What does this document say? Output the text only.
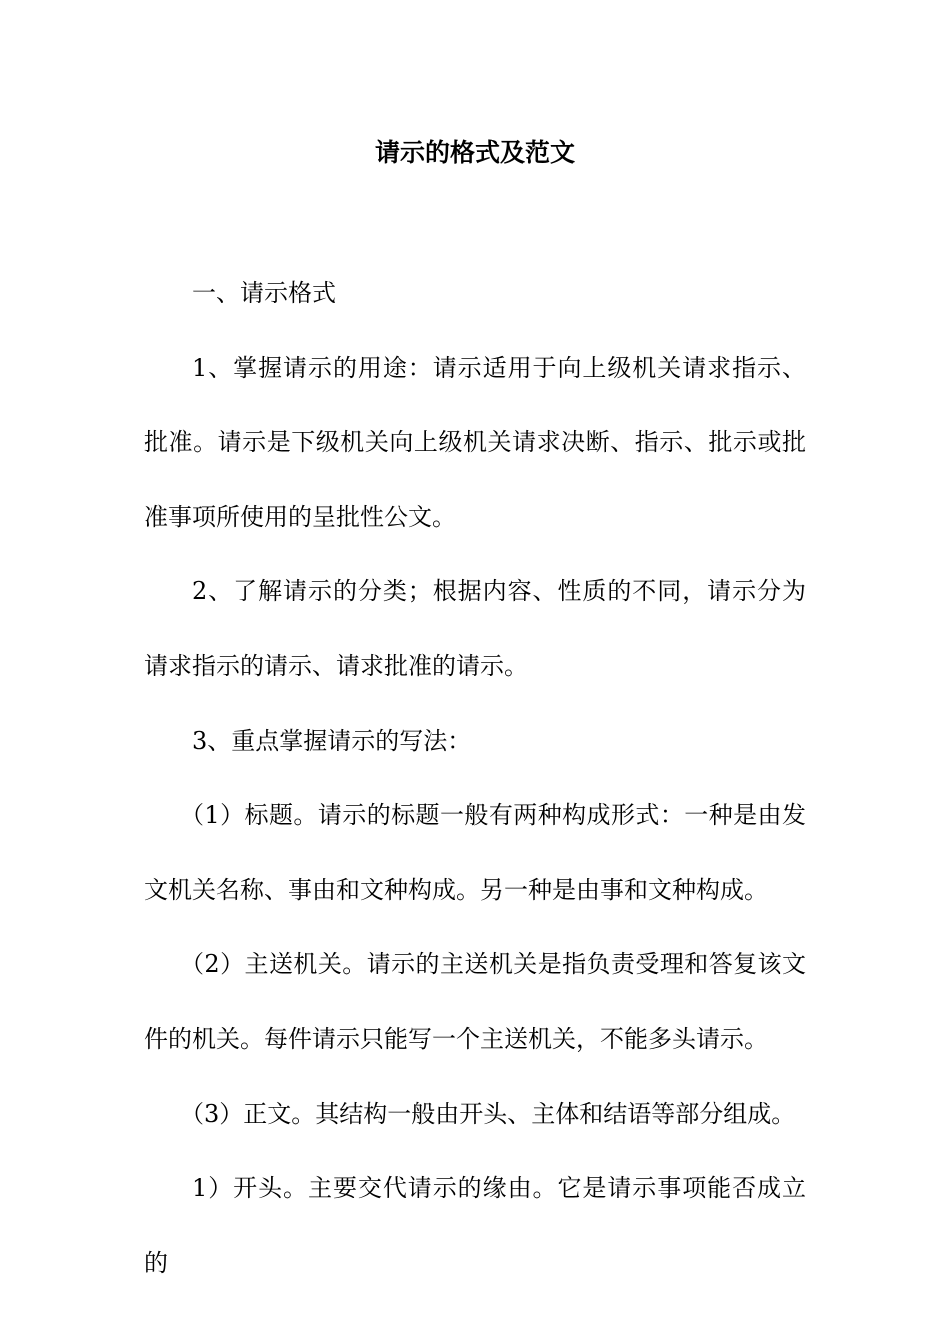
请示的格式及范文

一、请示格式

1、掌握请示的用途：请示适用于向上级机关请求指示、批准。请示是下级机关向上级机关请求决断、指示、批示或批准事项所使用的呈批性公文。

2、了解请示的分类；根据内容、性质的不同，请示分为请求指示的请示、请求批准的请示。

3、重点掌握请示的写法：

（1）标题。请示的标题一般有两种构成形式：一种是由发文机关名称、事由和文种构成。另一种是由事和文种构成。

（2）主送机关。请示的主送机关是指负责受理和答复该文件的机关。每件请示只能写一个主送机关，不能多头请示。

（3）正文。其结构一般由开头、主体和结语等部分组成。

1）开头。主要交代请示的缘由。它是请示事项能否成立的
